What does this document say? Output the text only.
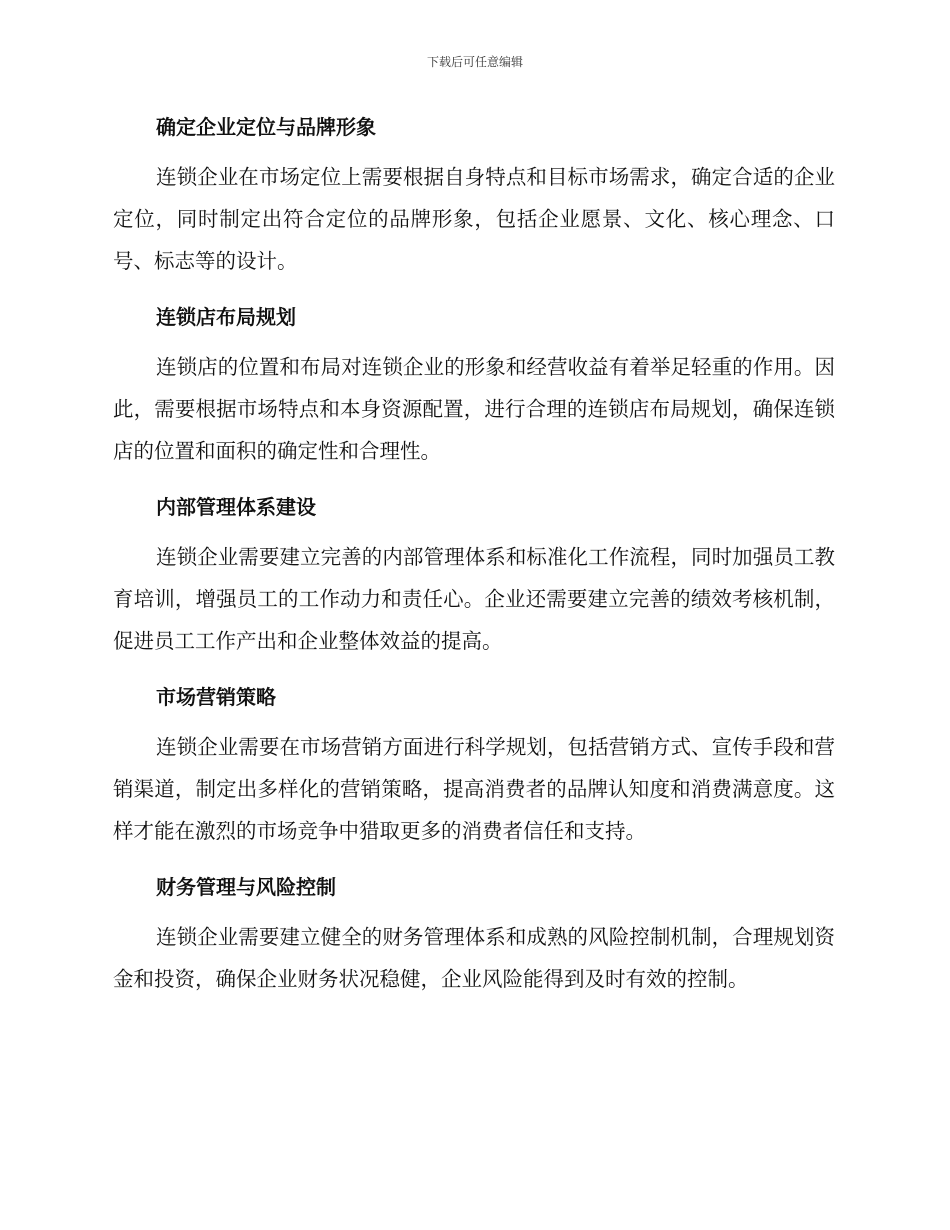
下载后可任意编辑
确定企业定位与品牌形象

连锁企业在市场定位上需要根据自身特点和目标市场需求，确定合适的企业定位，同时制定出符合定位的品牌形象，包括企业愿景、文化、核心理念、口号、标志等的设计。

连锁店布局规划

连锁店的位置和布局对连锁企业的形象和经营收益有着举足轻重的作用。因此，需要根据市场特点和本身资源配置，进行合理的连锁店布局规划，确保连锁店的位置和面积的确定性和合理性。

内部管理体系建设

连锁企业需要建立完善的内部管理体系和标准化工作流程，同时加强员工教育培训，增强员工的工作动力和责任心。企业还需要建立完善的绩效考核机制，促进员工工作产出和企业整体效益的提高。

市场营销策略

连锁企业需要在市场营销方面进行科学规划，包括营销方式、宣传手段和营销渠道，制定出多样化的营销策略，提高消费者的品牌认知度和消费满意度。这样才能在激烈的市场竞争中猎取更多的消费者信任和支持。

财务管理与风险控制

连锁企业需要建立健全的财务管理体系和成熟的风险控制机制，合理规划资金和投资，确保企业财务状况稳健，企业风险能得到及时有效的控制。
